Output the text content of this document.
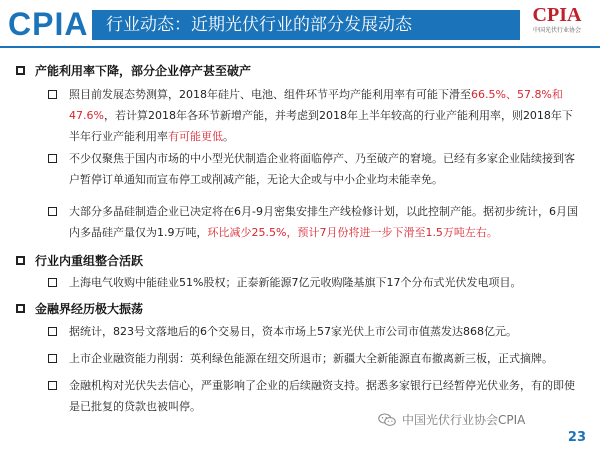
CPIA	行业动态：近期光伏行业的部分发展动态	CPIA
中国光伏行业协会
产能利用率下降，部分企业停产甚至破产
照目前发展态势测算，2018年硅片、电池、组件环节平均产能利用率有可能下滑至66.5%、57.8%和47.6%，若计算2018年各环节新增产能，并考虑到2018年上半年较高的行业产能利用率，则2018年下半年行业产能利用率有可能更低。
不少仅聚焦于国内市场的中小型光伏制造企业将面临停产、乃至破产的窘境。已经有多家企业陆续接到客户暂停订单通知而宣布停工或削减产能，无论大企或与中小企业均未能幸免。
大部分多晶硅制造企业已决定将在6月-9月密集安排生产线检修计划，以此控制产能。据初步统计，6月国内多晶硅产量仅为1.9万吨，环比减少25.5%，预计7月份将进一步下滑至1.5万吨左右。
行业内重组整合活跃
上海电气收购中能硅业51%股权；正泰新能源7亿元收购隆基旗下17个分布式光伏发电项目。
金融界经历极大振荡
据统计，823号文落地后的6个交易日，资本市场上57家光伏上市公司市值蒸发达868亿元。
上市企业融资能力削弱：英利绿色能源在纽交所退市；新疆大全新能源直布撤离新三板，正式摘牌。
金融机构对光伏失去信心，严重影响了企业的后续融资支持。据悉多家银行已经暂停光伏业务，有的即使是已批复的贷款也被叫停。
中国光伏行业协会CPIA
23
